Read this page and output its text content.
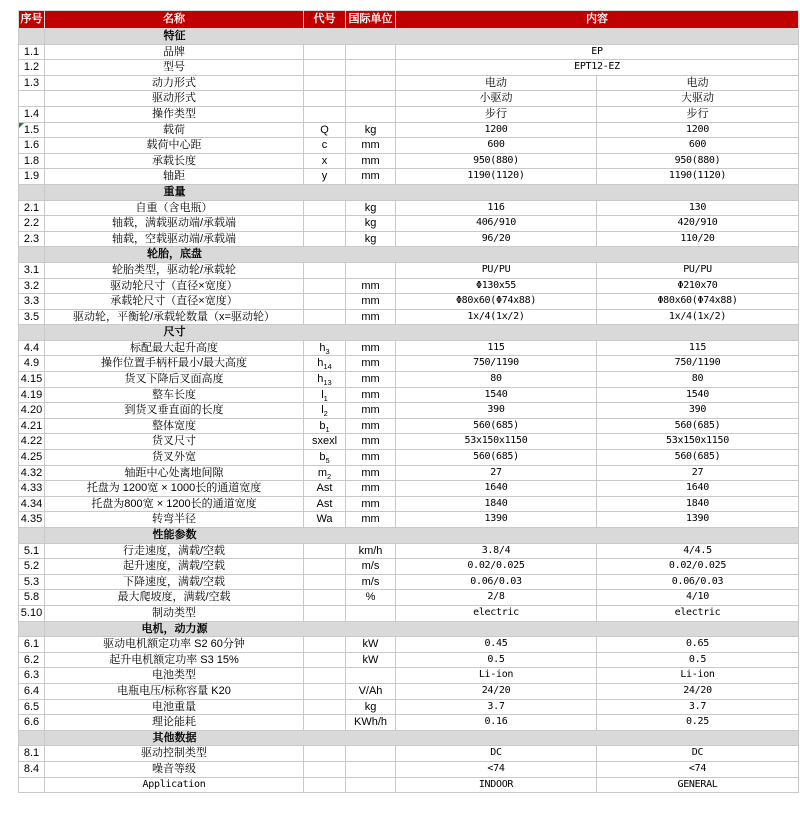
序号	名称	代号	国际单位	内容	
	特征				
1.1	品牌			EP	
1.2	型号			EPT12-EZ	
1.3	动力形式			电动	电动
	驱动形式			小驱动	大驱动
1.4	操作类型			步行	步行
1.5	载荷	Q	kg	1200	1200
1.6	载荷中心距	c	mm	600	600
1.8	承载长度	x	mm	950(880)	950(880)
1.9	轴距	y	mm	1190(1120)	1190(1120)
	重量				
2.1	自重（含电瓶）		kg	116	130
2.2	轴载，满载驱动端/承载端		kg	406/910	420/910
2.3	轴载，空载驱动端/承载端		kg	96/20	110/20
	轮胎，底盘				
3.1	轮胎类型，驱动轮/承载轮			PU/PU	PU/PU
3.2	驱动轮尺寸（直径×宽度）		mm	Φ130x55	Φ210x70
3.3	承载轮尺寸（直径×宽度）		mm	Φ80x60(Φ74x88)	Φ80x60(Φ74x88)
3.5	驱动轮，平衡轮/承载轮数量（x=驱动轮）		mm	1x/4(1x/2)	1x/4(1x/2)
	尺寸				
4.4	标配最大起升高度	$h_3$	mm	115	115
4.9	操作位置手柄杆最小/最大高度	$h_{14}$	mm	750/1190	750/1190
4.15	货叉下降后叉面高度	$h_{13}$	mm	80	80
4.19	整车长度	$l_1$	mm	1540	1540
4.20	到货叉垂直面的长度	$l_2$	mm	390	390
4.21	整体宽度	$b_1$	mm	560(685)	560(685)
4.22	货叉尺寸	sxexl	mm	53x150x1150	53x150x1150
4.25	货叉外宽	$b_5$	mm	560(685)	560(685)
4.32	轴距中心处离地间隙	$m_2$	mm	27	27
4.33	托盘为 1200宽 × 1000长的通道宽度	Ast	mm	1640	1640
4.34	托盘为800宽 × 1200长的通道宽度	Ast	mm	1840	1840
4.35	转弯半径	Wa	mm	1390	1390
	性能参数				
5.1	行走速度，满载/空载		km/h	3.8/4	4/4.5
5.2	起升速度，满载/空载		m/s	0.02/0.025	0.02/0.025
5.3	下降速度，满载/空载		m/s	0.06/0.03	0.06/0.03
5.8	最大爬坡度，满载/空载		%	2/8	4/10
5.10	制动类型			electric	electric
	电机，动力源				
6.1	驱动电机额定功率 S2 60分钟		kW	0.45	0.65
6.2	起升电机额定功率 S3 15%		kW	0.5	0.5
6.3	电池类型			Li-ion	Li-ion
6.4	电瓶电压/标称容量 K20		V/Ah	24/20	24/20
6.5	电池重量		kg	3.7	3.7
6.6	理论能耗		KWh/h	0.16	0.25
	其他数据				
8.1	驱动控制类型			DC	DC
8.4	噪音等级			<74	<74
	Application			INDOOR	GENERAL
